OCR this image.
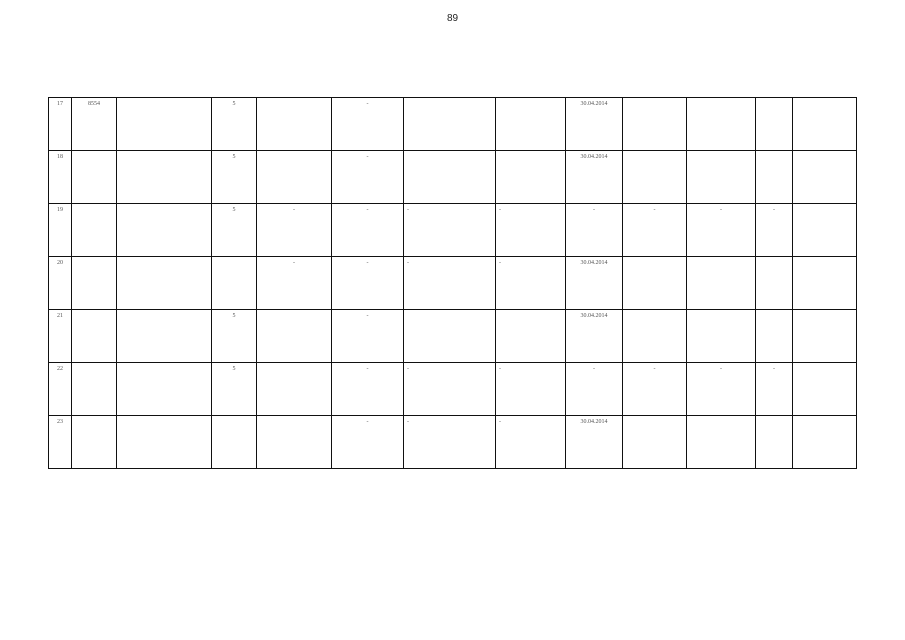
89
17	8554		5		-			30.04.2014				
18			5		-			30.04.2014				
19			5	-	-	-	-	-	-	-	-	
20				-	-	-	-	30.04.2014				
21			5		-			30.04.2014				
22			5		-	-	-	-	-	-	-	
23					-	-	-	30.04.2014				
